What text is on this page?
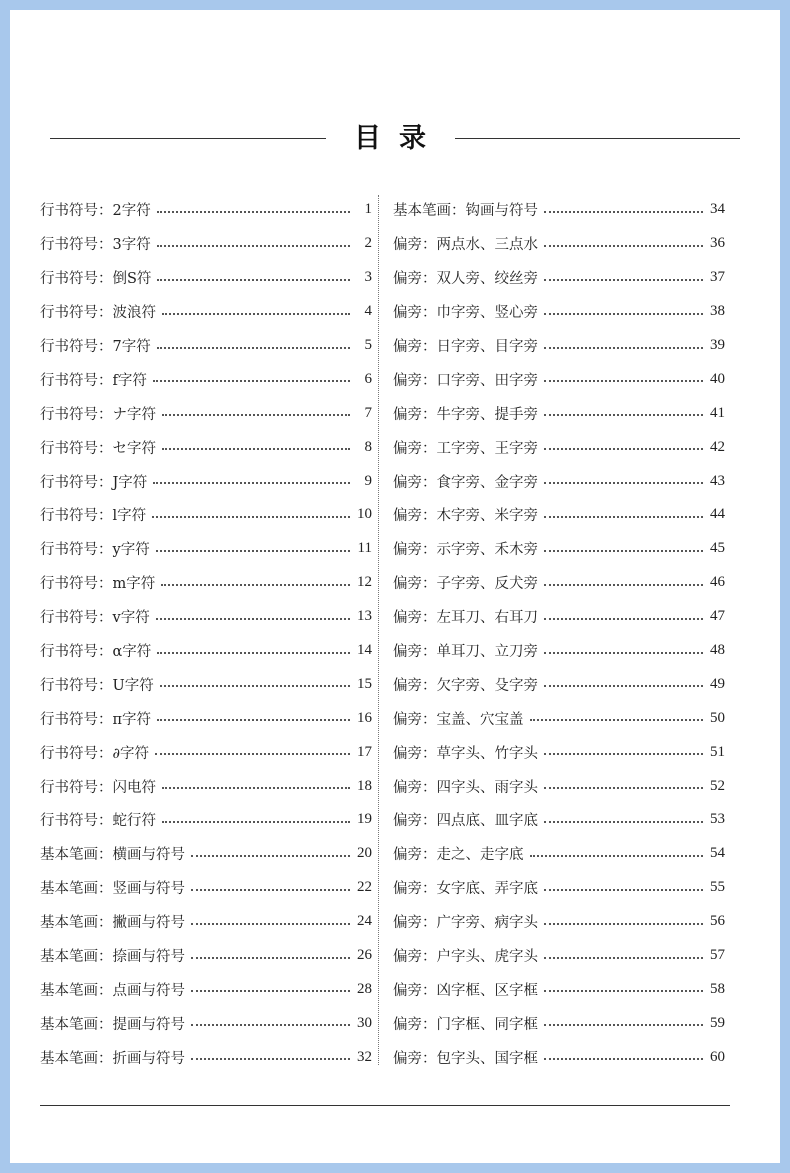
目录
行书符号：2字符	1
行书符号：3字符	2
行书符号：倒S符	3
行书符号：波浪符	4
行书符号：7字符	5
行书符号：f字符	6
行书符号：ナ字符	7
行书符号：セ字符	8
行书符号：J字符	9
行书符号：l字符	10
行书符号：y字符	11
行书符号：m字符	12
行书符号：v字符	13
行书符号：α字符	14
行书符号：U字符	15
行书符号：π字符	16
行书符号：∂字符	17
行书符号：闪电符	18
行书符号：蛇行符	19
基本笔画：横画与符号	20
基本笔画：竖画与符号	22
基本笔画：撇画与符号	24
基本笔画：捺画与符号	26
基本笔画：点画与符号	28
基本笔画：提画与符号	30
基本笔画：折画与符号	32
基本笔画：钩画与符号	34
偏旁：两点水、三点水	36
偏旁：双人旁、绞丝旁	37
偏旁：巾字旁、竖心旁	38
偏旁：日字旁、目字旁	39
偏旁：口字旁、田字旁	40
偏旁：牛字旁、提手旁	41
偏旁：工字旁、王字旁	42
偏旁：食字旁、金字旁	43
偏旁：木字旁、米字旁	44
偏旁：示字旁、禾木旁	45
偏旁：子字旁、反犬旁	46
偏旁：左耳刀、右耳刀	47
偏旁：单耳刀、立刀旁	48
偏旁：欠字旁、殳字旁	49
偏旁：宝盖、穴宝盖	50
偏旁：草字头、竹字头	51
偏旁：四字头、雨字头	52
偏旁：四点底、皿字底	53
偏旁：走之、走字底	54
偏旁：女字底、弄字底	55
偏旁：广字旁、病字头	56
偏旁：户字头、虎字头	57
偏旁：凶字框、区字框	58
偏旁：门字框、同字框	59
偏旁：包字头、国字框	60
